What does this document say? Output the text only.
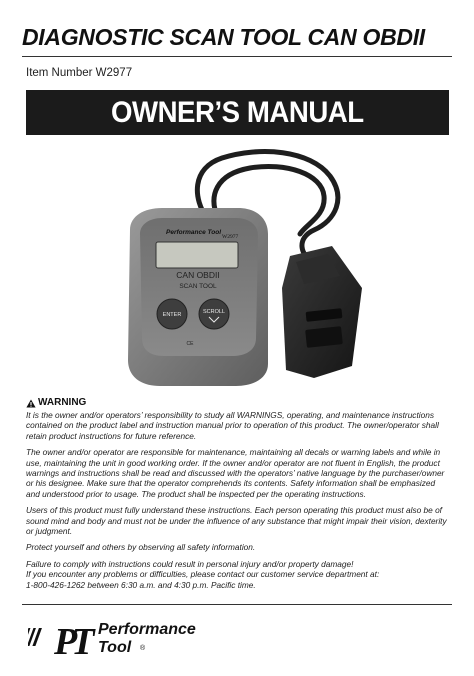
DIAGNOSTIC SCAN TOOL CAN OBDII
Item Number W2977
OWNER’S MANUAL
Performance Tool
W2977
CAN OBDII
SCAN TOOL
ENTER	SCROLL
CE
WARNING

It is the owner and/or operators’ responsibility to study all WARNINGS, operating, and maintenance instructions contained on the product label and instruction manual prior to operation of this product. The owner/operator shall retain product instructions for future reference.

The owner and/or operator are responsible for maintenance, maintaining all decals or warning labels and while in use, maintaining the unit in good working order. If the owner and/or operator are not fluent in English, the product warnings and instructions shall be read and discussed with the operators’ native language by the purchaser/owner or his designee. Make sure that the operator comprehends its contents. Safety information shall be emphasized and understood prior to usage. The product shall be inspected per the operating instructions.

Users of this product must fully understand these instructions. Each person operating this product must also be of sound mind and body and must not be under the influence of any substance that might impair their vision, dexterity or judgment.

Protect yourself and others by observing all safety information.

Failure to comply with instructions could result in personal injury and/or property damage!
If you encounter any problems or difficulties, please contact our customer service department at:
1-800-426-1262 between 6:30 a.m. and 4:30 p.m. Pacific time.

PT Performance
Tool ®
